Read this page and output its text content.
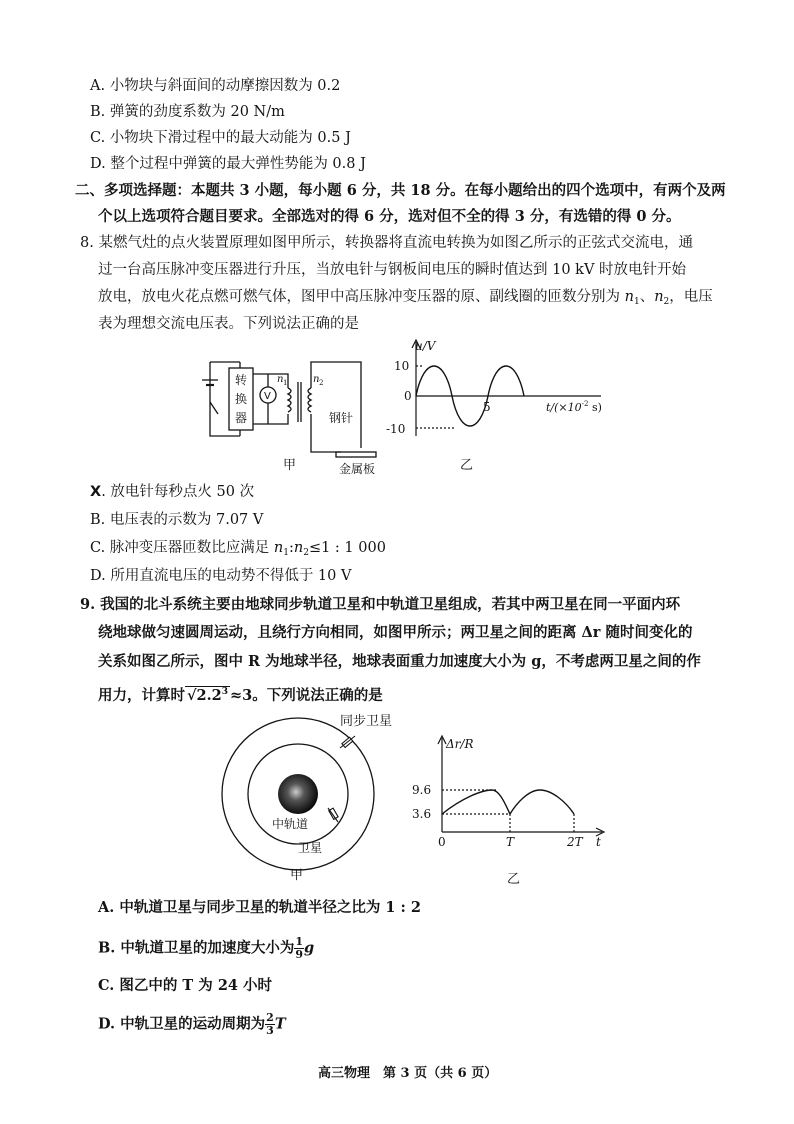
A. 小物块与斜面间的动摩擦因数为 0.2
B. 弹簧的劲度系数为 20 N/m
C. 小物块下滑过程中的最大动能为 0.5 J
D. 整个过程中弹簧的最大弹性势能为 0.8 J
二、多项选择题：本题共 3 小题，每小题 6 分，共 18 分。在每小题给出的四个选项中，有两个及两
个以上选项符合题目要求。全部选对的得 6 分，选对但不全的得 3 分，有选错的得 0 分。
8. 某燃气灶的点火装置原理如图甲所示，转换器将直流电转换为如图乙所示的正弦式交流电，通
过一台高压脉冲变压器进行升压，当放电针与钢板间电压的瞬时值达到 10 kV 时放电针开始
放电，放电火花点燃可燃气体，图甲中高压脉冲变压器的原、副线圈的匝数分别为 $n_1$、$n_2$，电压
表为理想交流电压表。下列说法正确的是
转
换
器
V
n 1	n 2
钢针
金属板
甲
u/V
10
0
-10
5	$t/(\times 10^{-2}$ s)
乙
X. 放电针每秒点火 50 次
B. 电压表的示数为 7.07 V
C. 脉冲变压器匝数比应满足 $n_1:n_2\le 1$ : 1 000
D. 所用直流电压的电动势不得低于 10 V
9. 我国的北斗系统主要由地球同步轨道卫星和中轨道卫星组成，若其中两卫星在同一平面内环
绕地球做匀速圆周运动，且绕行方向相同，如图甲所示；两卫星之间的距离 Δr 随时间变化的
关系如图乙所示，图中 R 为地球半径，地球表面重力加速度大小为 g，不考虑两卫星之间的作
用力，计算时 $√2.2^3 \approx 3$。下列说法正确的是
中轨道
卫星
同步卫星
甲
Δr/R
9.6
3.6
0	T	2T t
乙
A. 中轨道卫星与同步卫星的轨道半径之比为 1 : 2
B. 中轨道卫星的加速度大小为 $\frac{1}{9}$ g
C. 图乙中的 T 为 24 小时
D. 中轨卫星的运动周期为 $\frac{2}{3}$ T
高三物理　第 3 页（共 6 页）
